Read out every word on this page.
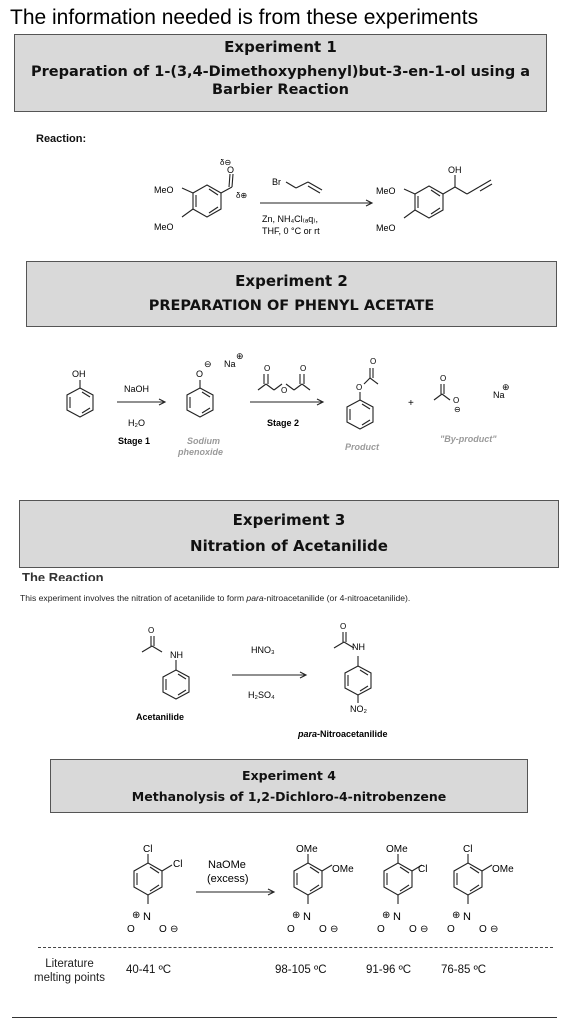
The information needed is from these experiments
Experiment 1
Preparation of 1-(3,4-Dimethoxyphenyl)but-3-en-1-ol using a
Barbier Reaction
Reaction:
MeO
MeO
O
δ⊖
δ⊕
Br
Zn, NH₄Cl₍ₐq₎,
THF, 0 °C or rt
MeO
MeO
OH
Experiment 2
PREPARATION OF PHENYL ACETATE
OH
NaOH
H₂O
Stage 1
O
⊖ Na
⊕
Sodium
phenoxide
O
O
O
Stage 2
O
O
Product
+
O
O
⊖
Na
⊕
"By-product"
The Reaction
Experiment 3
Nitration of Acetanilide
This experiment involves the nitration of acetanilide to form para-nitroacetanilide (or 4-nitroacetanilide).
O
NH
Acetanilide
HNO₃
H₂SO₄
O
NH
NO₂
para-Nitroacetanilide
Experiment 4
Methanolysis of 1,2-Dichloro-4-nitrobenzene
Cl
Cl
N
⊕
O O ⊖
NaOMe
(excess)
OMe
OMe
N
⊕
O O ⊖
OMe
Cl
N
⊕
O O ⊖
Cl
OMe
N
⊕
O O ⊖
Literature
melting points
40-41 ºC	98-105 ºC	91-96 ºC	76-85 ºC
